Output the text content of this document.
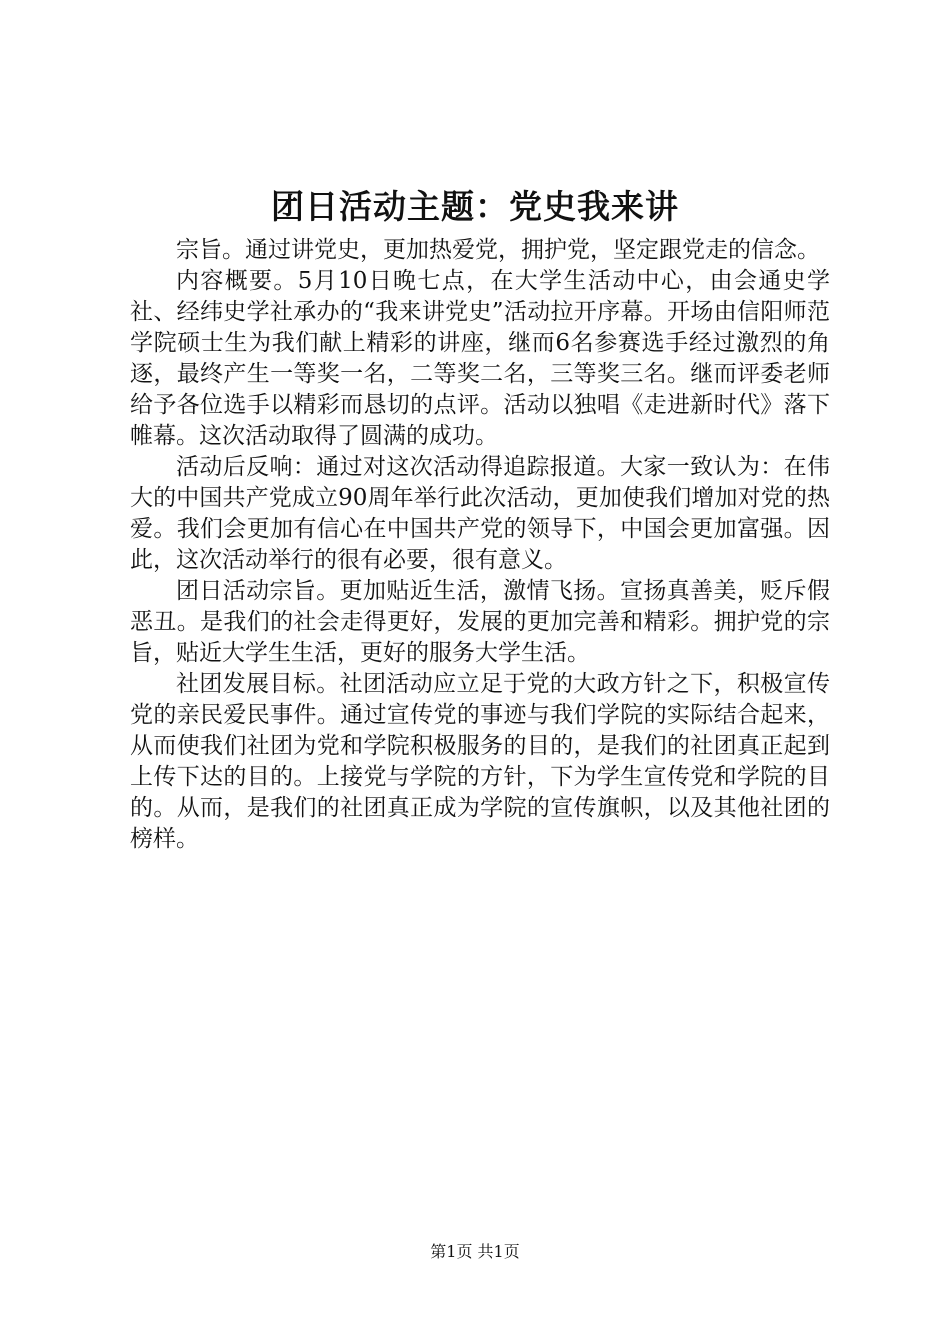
团日活动主题：党史我来讲

宗旨。通过讲党史，更加热爱党，拥护党，坚定跟党走的信念。

内容概要。5月10日晚七点，在大学生活动中心，由会通史学社、经纬史学社承办的“我来讲党史”活动拉开序幕。开场由信阳师范学院硕士生为我们献上精彩的讲座，继而6名参赛选手经过激烈的角逐，最终产生一等奖一名，二等奖二名，三等奖三名。继而评委老师给予各位选手以精彩而恳切的点评。活动以独唱《走进新时代》落下帷幕。这次活动取得了圆满的成功。

活动后反响：通过对这次活动得追踪报道。大家一致认为：在伟大的中国共产党成立90周年举行此次活动，更加使我们增加对党的热爱。我们会更加有信心在中国共产党的领导下，中国会更加富强。因此，这次活动举行的很有必要，很有意义。

团日活动宗旨。更加贴近生活，激情飞扬。宣扬真善美，贬斥假恶丑。是我们的社会走得更好，发展的更加完善和精彩。拥护党的宗旨，贴近大学生生活，更好的服务大学生活。

社团发展目标。社团活动应立足于党的大政方针之下，积极宣传党的亲民爱民事件。通过宣传党的事迹与我们学院的实际结合起来，从而使我们社团为党和学院积极服务的目的，是我们的社团真正起到上传下达的目的。上接党与学院的方针，下为学生宣传党和学院的目的。从而，是我们的社团真正成为学院的宣传旗帜，以及其他社团的榜样。

第1页 共1页
